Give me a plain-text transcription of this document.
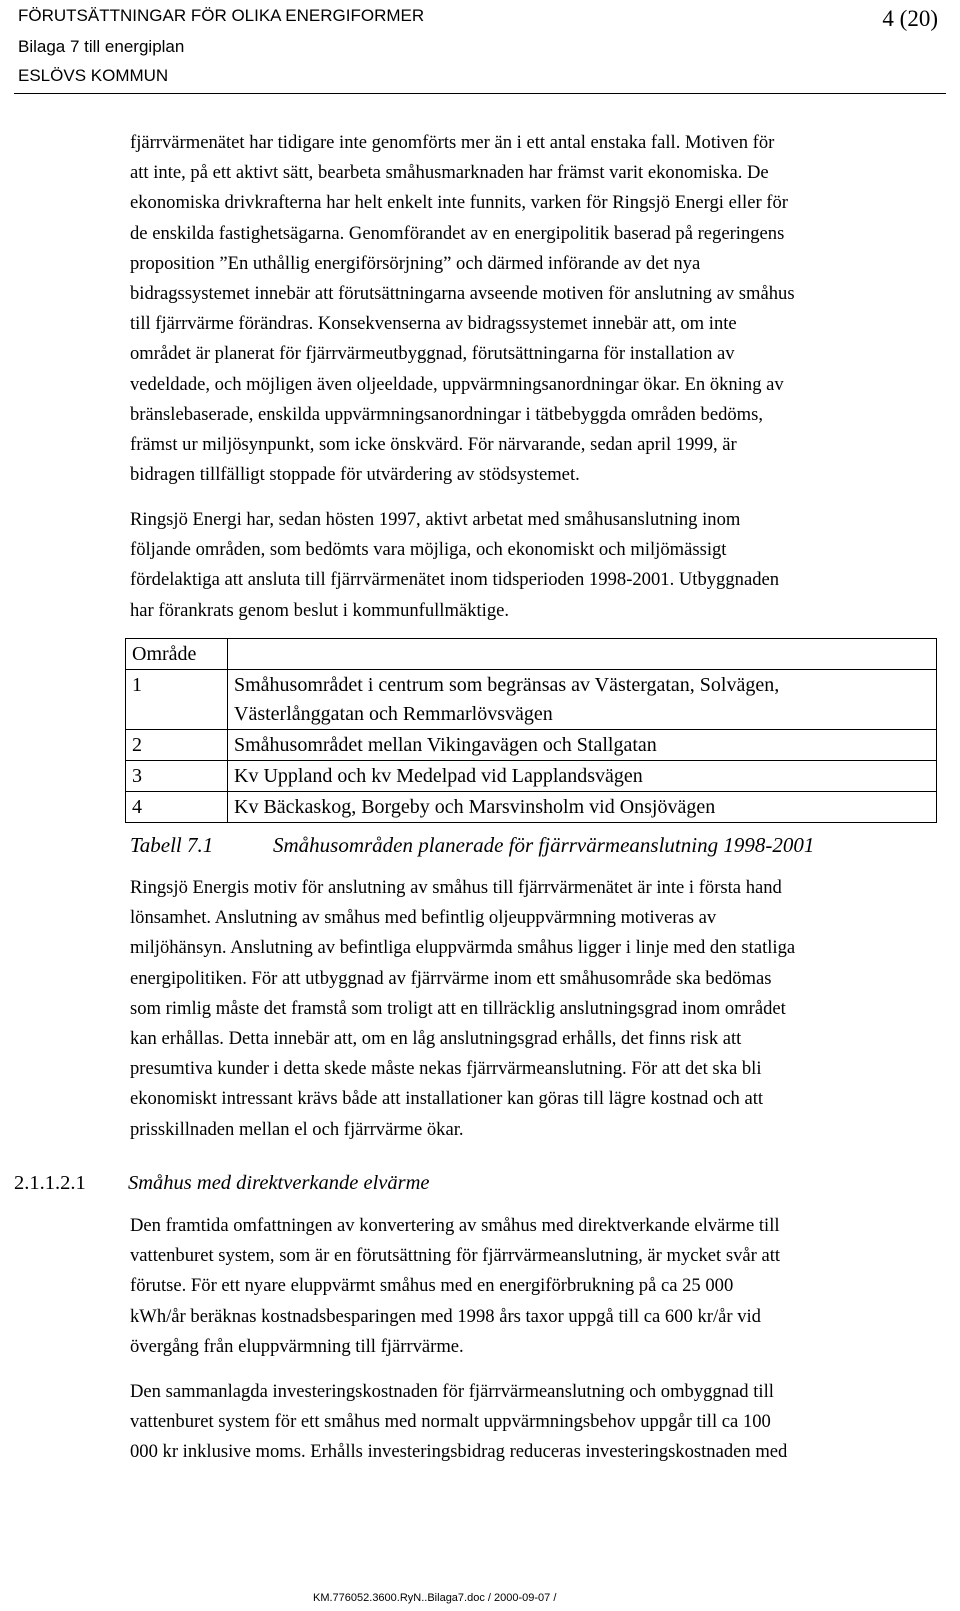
FÖRUTSÄTTNINGAR FÖR OLIKA ENERGIFORMER
Bilaga 7 till energiplan
ESLÖVS KOMMUN
4 (20)

fjärrvärmenätet har tidigare inte genomförts mer än i ett antal enstaka fall. Motiven för
att inte, på ett aktivt sätt, bearbeta småhusmarknaden har främst varit ekonomiska. De
ekonomiska drivkrafterna har helt enkelt inte funnits, varken för Ringsjö Energi eller för
de enskilda fastighetsägarna. Genomförandet av en energipolitik baserad på regeringens
proposition ”En uthållig energiförsörjning” och därmed införande av det nya
bidragssystemet innebär att förutsättningarna avseende motiven för anslutning av småhus
till fjärrvärme förändras. Konsekvenserna av bidragssystemet innebär att, om inte
området är planerat för fjärrvärmeutbyggnad, förutsättningarna för installation av
vedeldade, och möjligen även oljeeldade, uppvärmningsanordningar ökar. En ökning av
bränslebaserade, enskilda uppvärmningsanordningar i tätbebyggda områden bedöms,
främst ur miljösynpunkt, som icke önskvärd. För närvarande, sedan april 1999, är
bidragen tillfälligt stoppade för utvärdering av stödsystemet.

Ringsjö Energi har, sedan hösten 1997, aktivt arbetat med småhusanslutning inom
följande områden, som bedömts vara möjliga, och ekonomiskt och miljömässigt
fördelaktiga att ansluta till fjärrvärmenätet inom tidsperioden 1998-2001. Utbyggnaden
har förankrats genom beslut i kommunfullmäktige.

Område	
1	Småhusområdet i centrum som begränsas av Västergatan, Solvägen,
Västerlånggatan och Remmarlövsvägen

2	Småhusområdet mellan Vikingavägen och Stallgatan
3	Kv Uppland och kv Medelpad vid Lapplandsvägen
4	Kv Bäckaskog, Borgeby och Marsvinsholm vid Onsjövägen
Tabell 7.1	Småhusområden planerade för fjärrvärmeanslutning 1998-2001

Ringsjö Energis motiv för anslutning av småhus till fjärrvärmenätet är inte i första hand
lönsamhet. Anslutning av småhus med befintlig oljeuppvärmning motiveras av
miljöhänsyn. Anslutning av befintliga eluppvärmda småhus ligger i linje med den statliga
energipolitiken. För att utbyggnad av fjärrvärme inom ett småhusområde ska bedömas
som rimlig måste det framstå som troligt att en tillräcklig anslutningsgrad inom området
kan erhållas. Detta innebär att, om en låg anslutningsgrad erhålls, det finns risk att
presumtiva kunder i detta skede måste nekas fjärrvärmeanslutning. För att det ska bli
ekonomiskt intressant krävs både att installationer kan göras till lägre kostnad och att
prisskillnaden mellan el och fjärrvärme ökar.

2.1.1.2.1 Småhus med direktverkande elvärme

Den framtida omfattningen av konvertering av småhus med direktverkande elvärme till
vattenburet system, som är en förutsättning för fjärrvärmeanslutning, är mycket svår att
förutse. För ett nyare eluppvärmt småhus med en energiförbrukning på ca 25 000
kWh/år beräknas kostnadsbesparingen med 1998 års taxor uppgå till ca 600 kr/år vid
övergång från eluppvärmning till fjärrvärme.

Den sammanlagda investeringskostnaden för fjärrvärmeanslutning och ombyggnad till
vattenburet system för ett småhus med normalt uppvärmningsbehov uppgår till ca 100
000 kr inklusive moms. Erhålls investeringsbidrag reduceras investeringskostnaden med

KM.776052.3600.RyN..Bilaga7.doc / 2000-09-07 /
